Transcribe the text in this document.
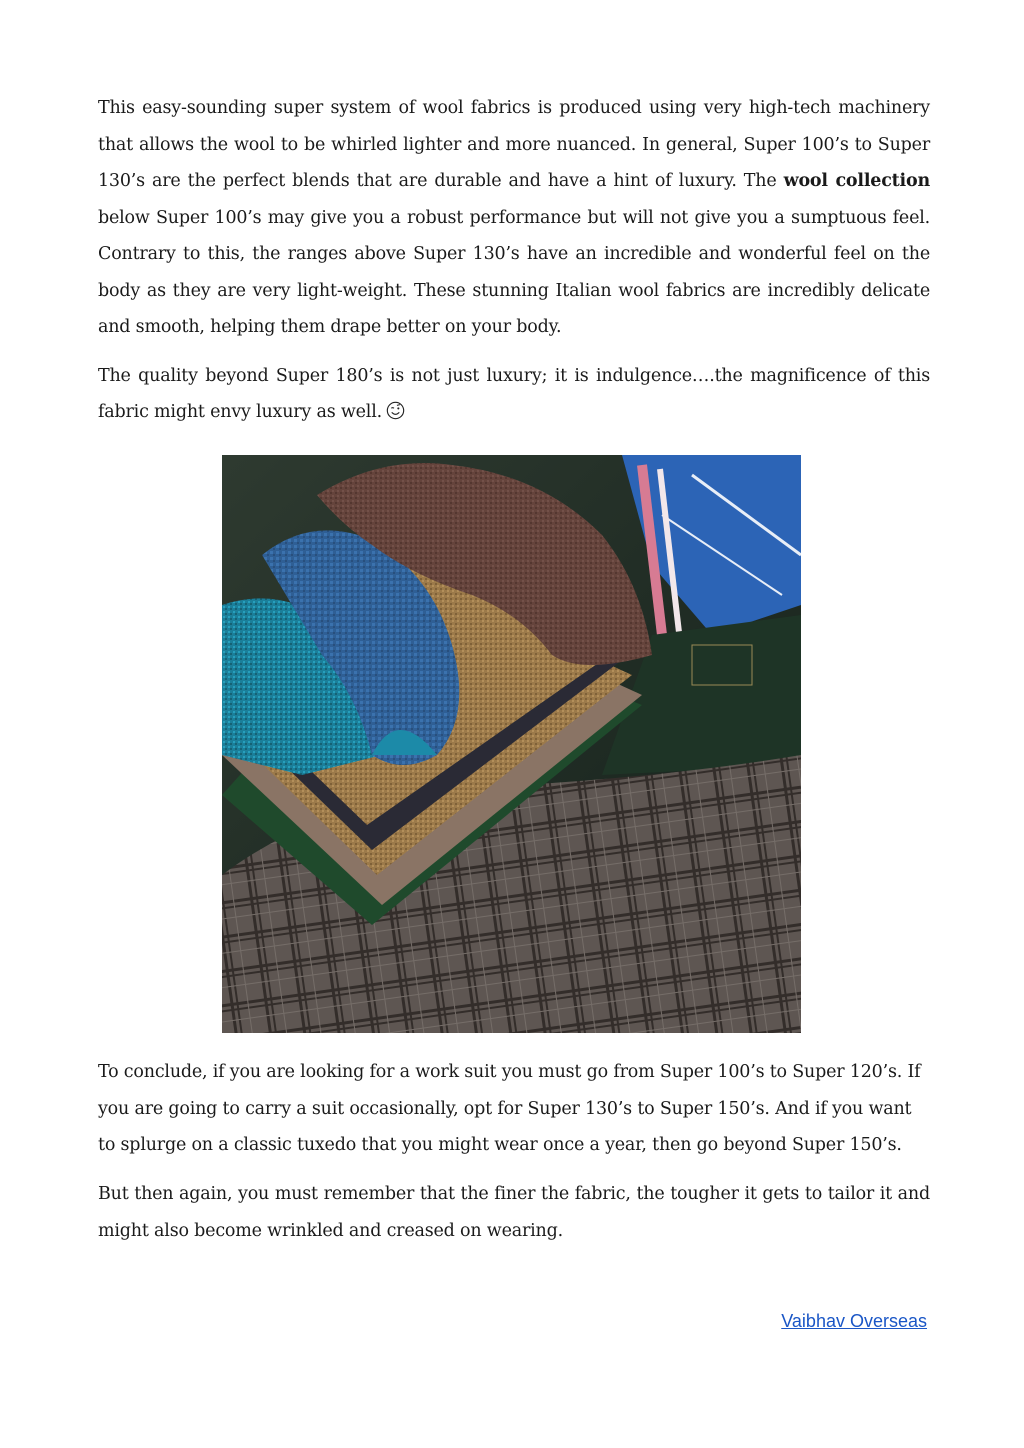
This easy-sounding super system of wool fabrics is produced using very high-tech machinery that allows the wool to be whirled lighter and more nuanced. In general, Super 100’s to Super 130’s are the perfect blends that are durable and have a hint of luxury. The wool collection below Super 100’s may give you a robust performance but will not give you a sumptuous feel. Contrary to this, the ranges above Super 130’s have an incredible and wonderful feel on the body as they are very light-weight. These stunning Italian wool fabrics are incredibly delicate and smooth, helping them drape better on your body.

The quality beyond Super 180’s is not just luxury; it is indulgence….the magnificence of this fabric might envy luxury as well.

To conclude, if you are looking for a work suit you must go from Super 100’s to Super 120’s. If you are going to carry a suit occasionally, opt for Super 130’s to Super 150’s. And if you want to splurge on a classic tuxedo that you might wear once a year, then go beyond Super 150’s.

But then again, you must remember that the finer the fabric, the tougher it gets to tailor it and might also become wrinkled and creased on wearing.

Vaibhav Overseas
